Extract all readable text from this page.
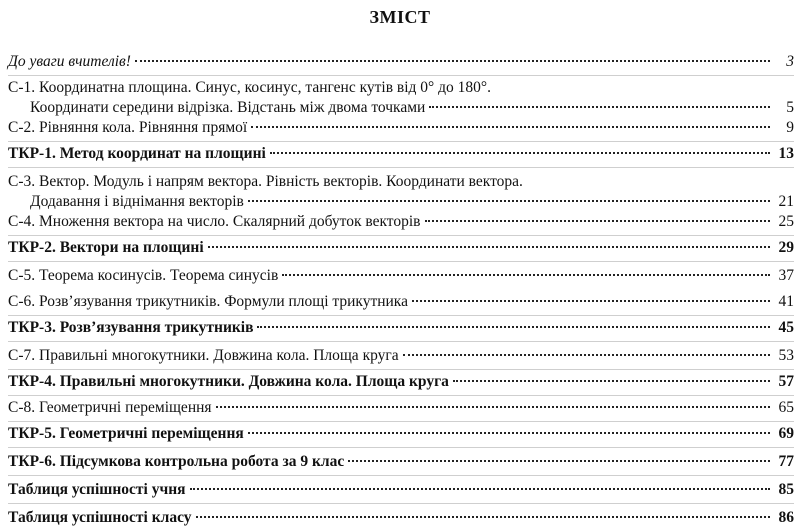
ЗМІСТ
До уваги вчителів!	3
С-1. Координатна площина. Синус, косинус, тангенс кутів від 0° до 180°.
Координати середини відрізка. Відстань між двома точками	5
С-2. Рівняння кола. Рівняння прямої	9
ТКР-1. Метод координат на площині	13
С-3. Вектор. Модуль і напрям вектора. Рівність векторів. Координати вектора.
Додавання і віднімання векторів	21
С-4. Множення вектора на число. Скалярний добуток векторів	25
ТКР-2. Вектори на площині	29
С-5. Теорема косинусів. Теорема синусів	37
С-6. Розв’язування трикутників. Формули площі трикутника	41
ТКР-3. Розв’язування трикутників	45
С-7. Правильні многокутники. Довжина кола. Площа круга	53
ТКР-4. Правильні многокутники. Довжина кола. Площа круга	57
С-8. Геометричні переміщення	65
ТКР-5. Геометричні переміщення	69
ТКР-6. Підсумкова контрольна робота за 9 клас	77
Таблиця успішності учня	85
Таблиця успішності класу	86
